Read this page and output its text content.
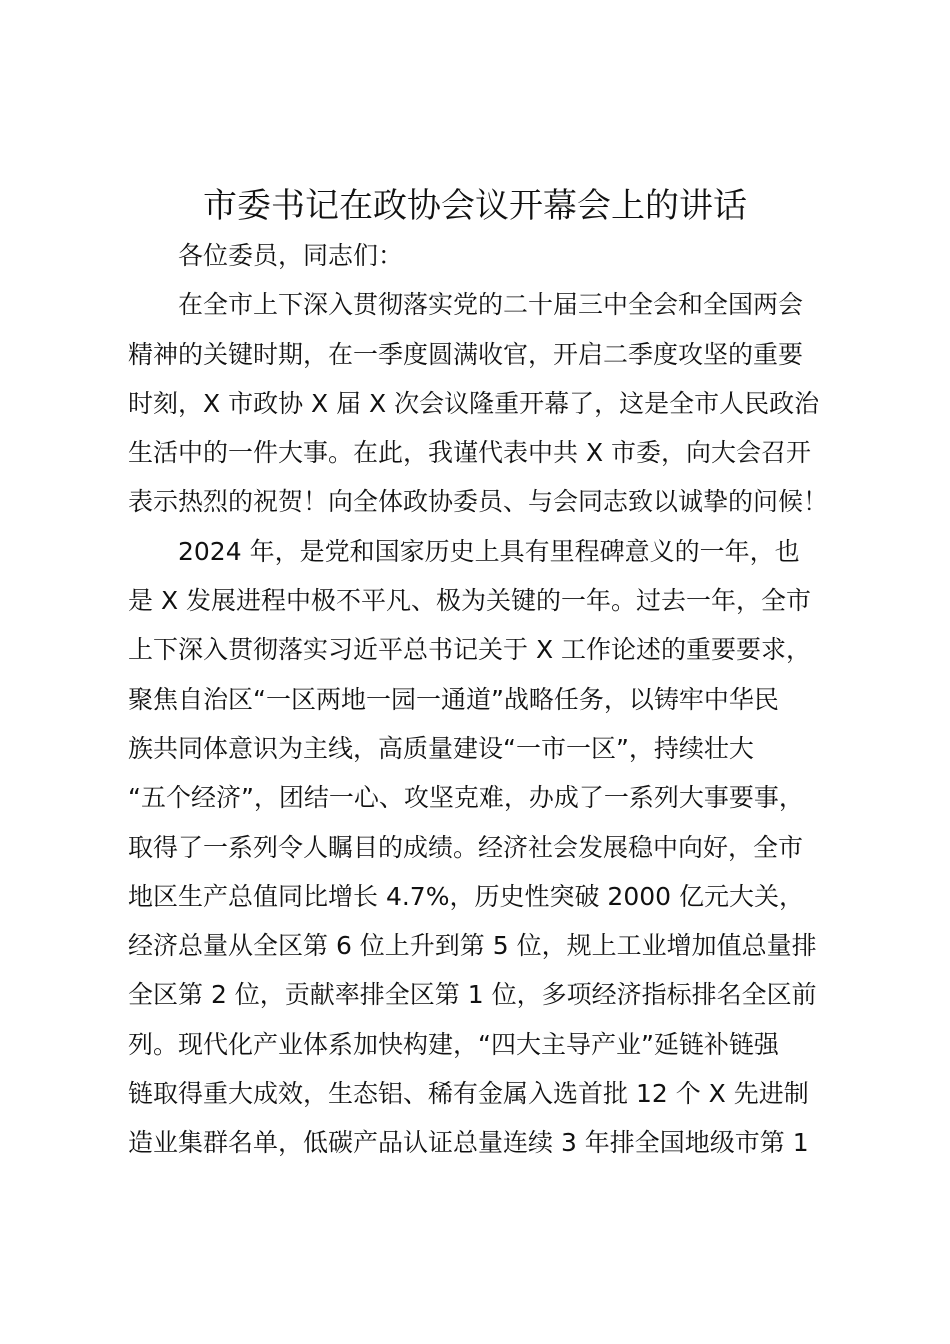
市委书记在政协会议开幕会上的讲话

各位委员，同志们：

在全市上下深入贯彻落实党的二十届三中全会和全国两会
精神的关键时期，在一季度圆满收官，开启二季度攻坚的重要
时刻，X 市政协 X 届 X 次会议隆重开幕了，这是全市人民政治
生活中的一件大事。在此，我谨代表中共 X 市委，向大会召开
表示热烈的祝贺！向全体政协委员、与会同志致以诚挚的问候！

2024 年，是党和国家历史上具有里程碑意义的一年，也
是 X 发展进程中极不平凡、极为关键的一年。过去一年，全市
上下深入贯彻落实习近平总书记关于 X 工作论述的重要要求，
聚焦自治区“一区两地一园一通道”战略任务，以铸牢中华民
族共同体意识为主线，高质量建设“一市一区”，持续壮大
“五个经济”，团结一心、攻坚克难，办成了一系列大事要事，
取得了一系列令人瞩目的成绩。经济社会发展稳中向好，全市
地区生产总值同比增长 4.7%，历史性突破 2000 亿元大关，
经济总量从全区第 6 位上升到第 5 位，规上工业增加值总量排
全区第 2 位，贡献率排全区第 1 位，多项经济指标排名全区前
列。现代化产业体系加快构建，“四大主导产业”延链补链强
链取得重大成效，生态铝、稀有金属入选首批 12 个 X 先进制
造业集群名单，低碳产品认证总量连续 3 年排全国地级市第 1
